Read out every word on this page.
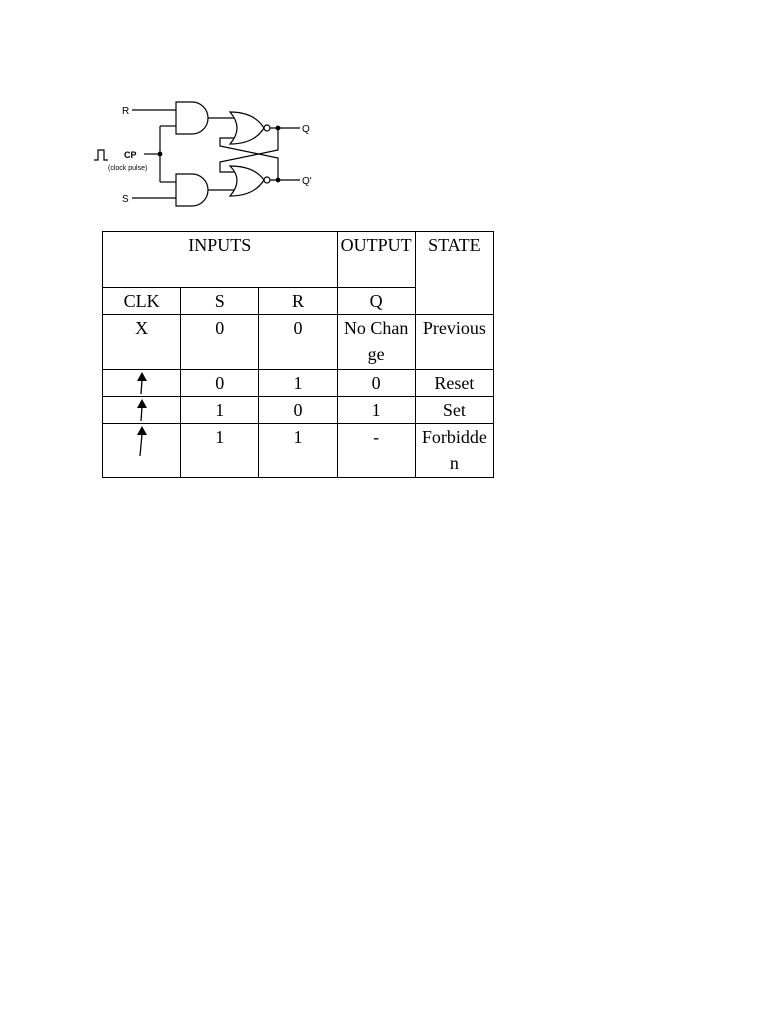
R
S
CP
(clock pulse)
Q
Q'
INPUTS			OUTPUT	STATE
CLK	S	R	Q	
X	0	0	No Change	Previous

	0	1	0	Reset

	1	0	1	Set

	1	1	-	Forbidden
